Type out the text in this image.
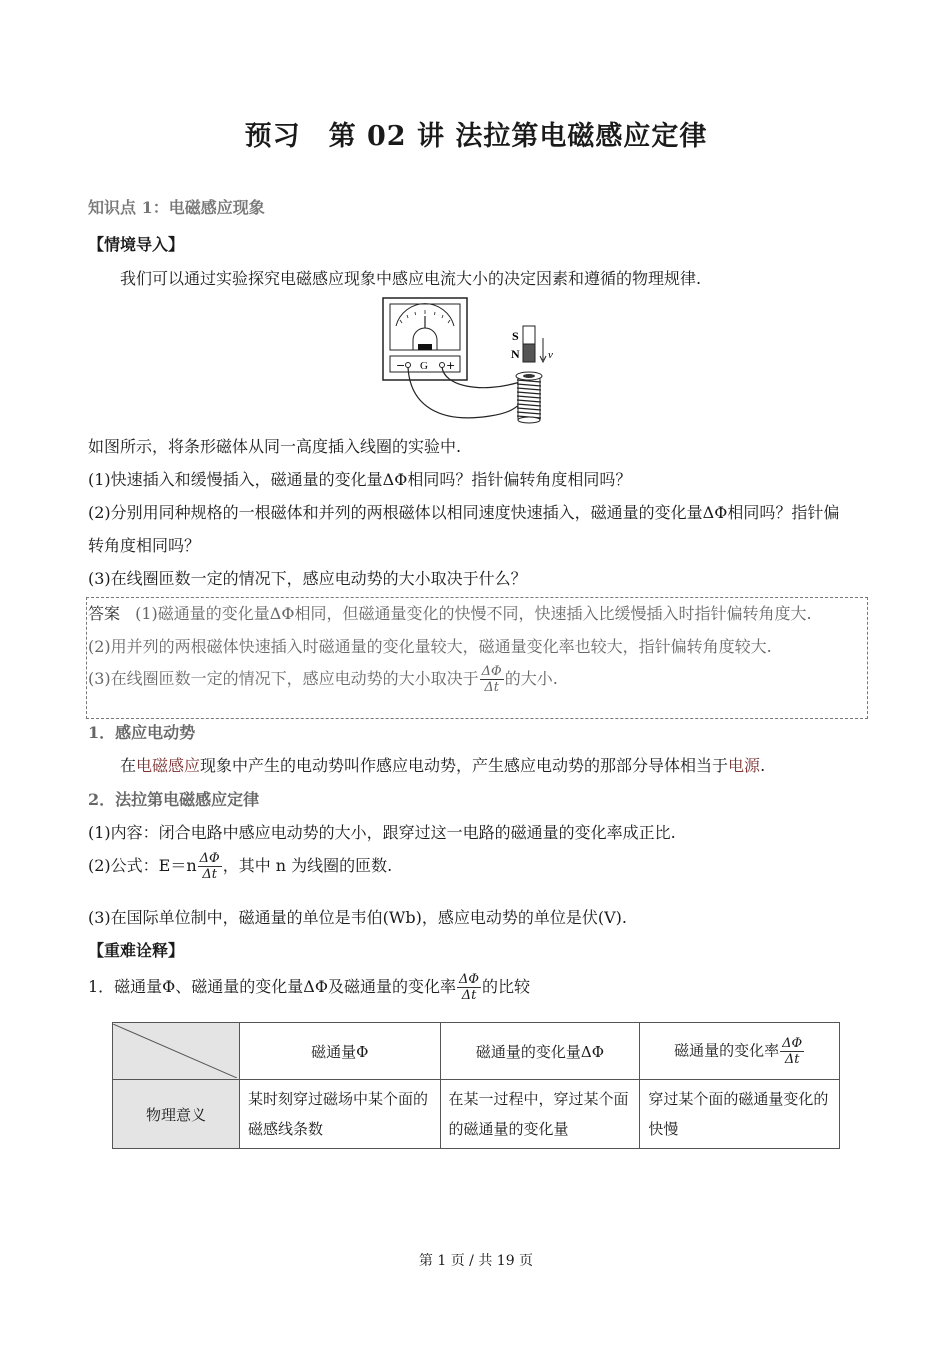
预习　第 02 讲 法拉第电磁感应定律
知识点 1：电磁感应现象
【情境导入】
我们可以通过实验探究电磁感应现象中感应电流大小的决定因素和遵循的物理规律.
− G +
S
N	v
如图所示，将条形磁体从同一高度插入线圈的实验中.
(1)快速插入和缓慢插入，磁通量的变化量ΔΦ相同吗？指针偏转角度相同吗？
(2)分别用同种规格的一根磁体和并列的两根磁体以相同速度快速插入，磁通量的变化量ΔΦ相同吗？指针偏
转角度相同吗？
(3)在线圈匝数一定的情况下，感应电动势的大小取决于什么？
答案 (1)磁通量的变化量ΔΦ相同，但磁通量变化的快慢不同，快速插入比缓慢插入时指针偏转角度大.
(2)用并列的两根磁体快速插入时磁通量的变化量较大，磁通量变化率也较大，指针偏转角度较大.
(3)在线圈匝数一定的情况下，感应电动势的大小取决于 $\frac{\Delta\Phi}{\Delta t}$ 的大小.
1．感应电动势
在电磁感应现象中产生的电动势叫作感应电动势，产生感应电动势的那部分导体相当于电源.
2．法拉第电磁感应定律
(1)内容：闭合电路中感应电动势的大小，跟穿过这一电路的磁通量的变化率成正比.
(2)公式：$E=n \frac{\Delta\Phi}{\Delta t}$ ，其中 n 为线圈的匝数.
(3)在国际单位制中，磁通量的单位是韦伯(Wb)，感应电动势的单位是伏(V).
【重难诠释】
1．磁通量Φ、磁通量的变化量ΔΦ及磁通量的变化率 $\frac{\Delta\Phi}{\Delta t}$ 的比较
	磁通量Φ	磁通量的变化量ΔΦ	磁通量的变化率 $\frac{\Delta\Phi}{\Delta t}$

物理意义	某时刻穿过磁场中某个面的磁感线条数	在某一过程中，穿过某个面的磁通量的变化量	穿过某个面的磁通量变化的快慢
第 1 页 / 共 19 页
